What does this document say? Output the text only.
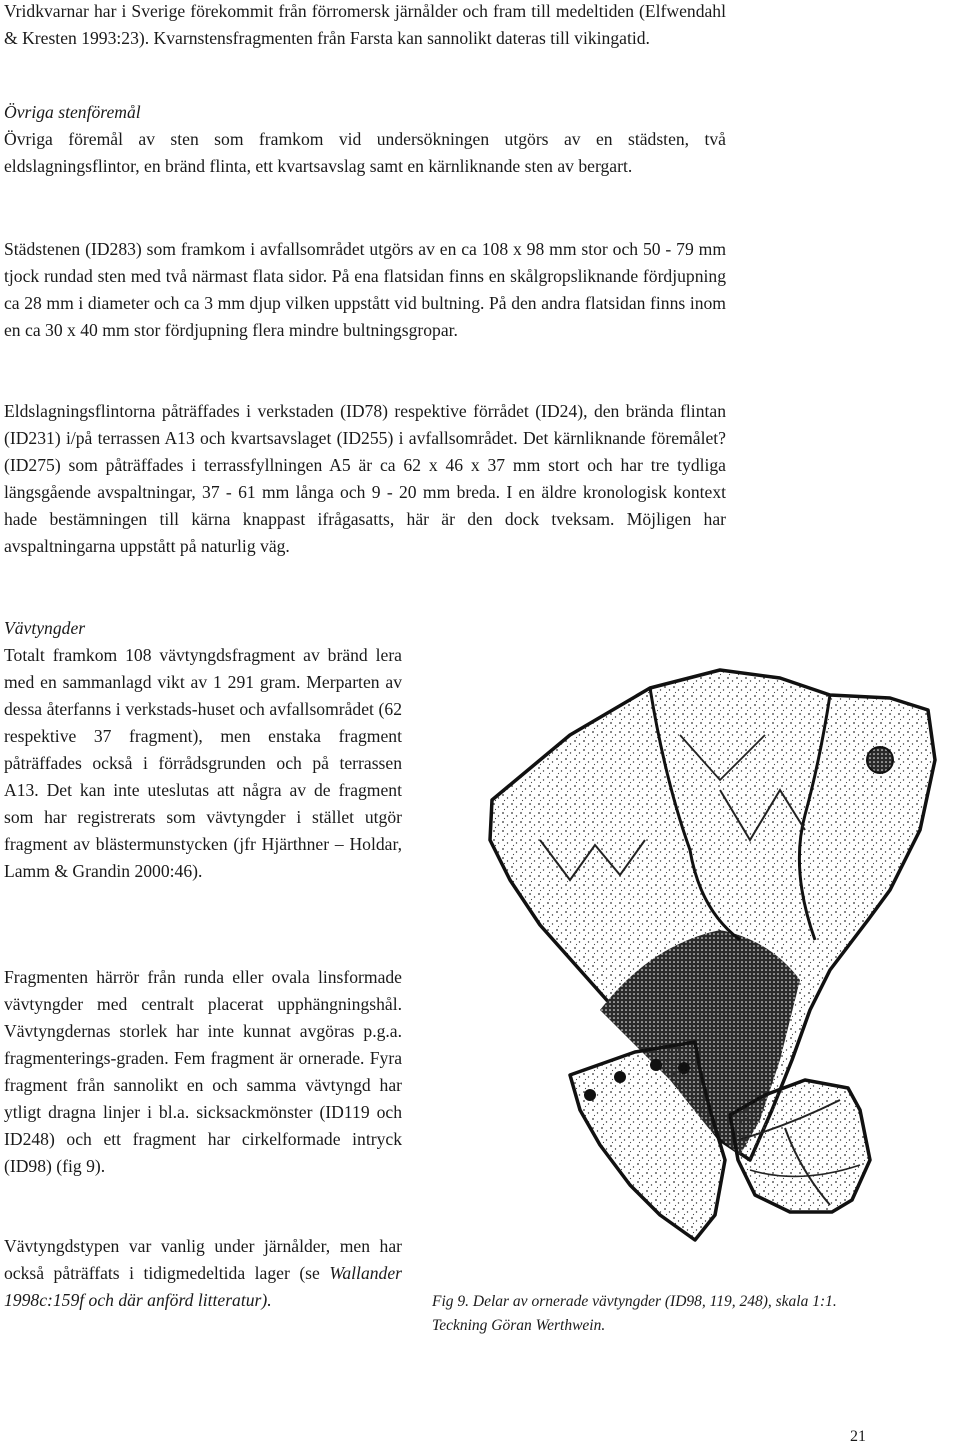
Vridkvarnar har i Sverige förekommit från förromersk järnålder och fram till medeltiden (Elfwendahl & Kresten 1993:23). Kvarnstensfragmenten från Farsta kan sannolikt dateras till vikingatid.

Övriga stenföremål

Övriga föremål av sten som framkom vid undersökningen utgörs av en städsten, två eldslagningsflintor, en bränd flinta, ett kvartsavslag samt en kärnliknande sten av bergart.

Städstenen (ID283) som framkom i avfallsområdet utgörs av en ca 108 x 98 mm stor och 50 - 79 mm tjock rundad sten med två närmast flata sidor. På ena flatsidan finns en skålgropsliknande fördjupning ca 28 mm i diameter och ca 3 mm djup vilken uppstått vid bultning. På den andra flatsidan finns inom en ca 30 x 40 mm stor fördjupning flera mindre bultningsgropar.

Eldslagningsflintorna påträffades i verkstaden (ID78) respektive förrådet (ID24), den brända flintan (ID231) i/på terrassen A13 och kvartsavslaget (ID255) i avfallsområdet. Det kärnliknande föremålet? (ID275) som påträffades i terrassfyllningen A5 är ca 62 x 46 x 37 mm stort och har tre tydliga längsgående avspaltningar, 37 - 61 mm långa och 9 - 20 mm breda. I en äldre kronologisk kontext hade bestämningen till kärna knappast ifrågasatts, här är den dock tveksam. Möjligen har avspaltningarna uppstått på naturlig väg.

Vävtyngder

Totalt framkom 108 vävtyngdsfragment av bränd lera med en sammanlagd vikt av 1 291 gram. Merparten av dessa återfanns i verkstads-huset och avfallsområdet (62 respektive 37 fragment), men enstaka fragment påträffades också i förrådsgrunden och på terrassen A13. Det kan inte uteslutas att några av de fragment som har registrerats som vävtyngder i stället utgör fragment av blästermunstycken (jfr Hjärthner – Holdar, Lamm & Grandin 2000:46).

Fragmenten härrör från runda eller ovala linsformade vävtyngder med centralt placerat upphängningshål. Vävtyngdernas storlek har inte kunnat avgöras p.g.a. fragmenterings-graden. Fem fragment är ornerade. Fyra fragment från sannolikt en och samma vävtyngd har ytligt dragna linjer i bl.a. sicksackmönster (ID119 och ID248) och ett fragment har cirkelformade intryck (ID98) (fig 9).

Vävtyngdstypen var vanlig under järnålder, men har också påträffats i tidigmedeltida lager (se Wallander 1998c:159f och där anförd litteratur).	Fig 9. Delar av ornerade vävtyngder (ID98, 119, 248), skala 1:1.
Teckning Göran Werthwein.
21
